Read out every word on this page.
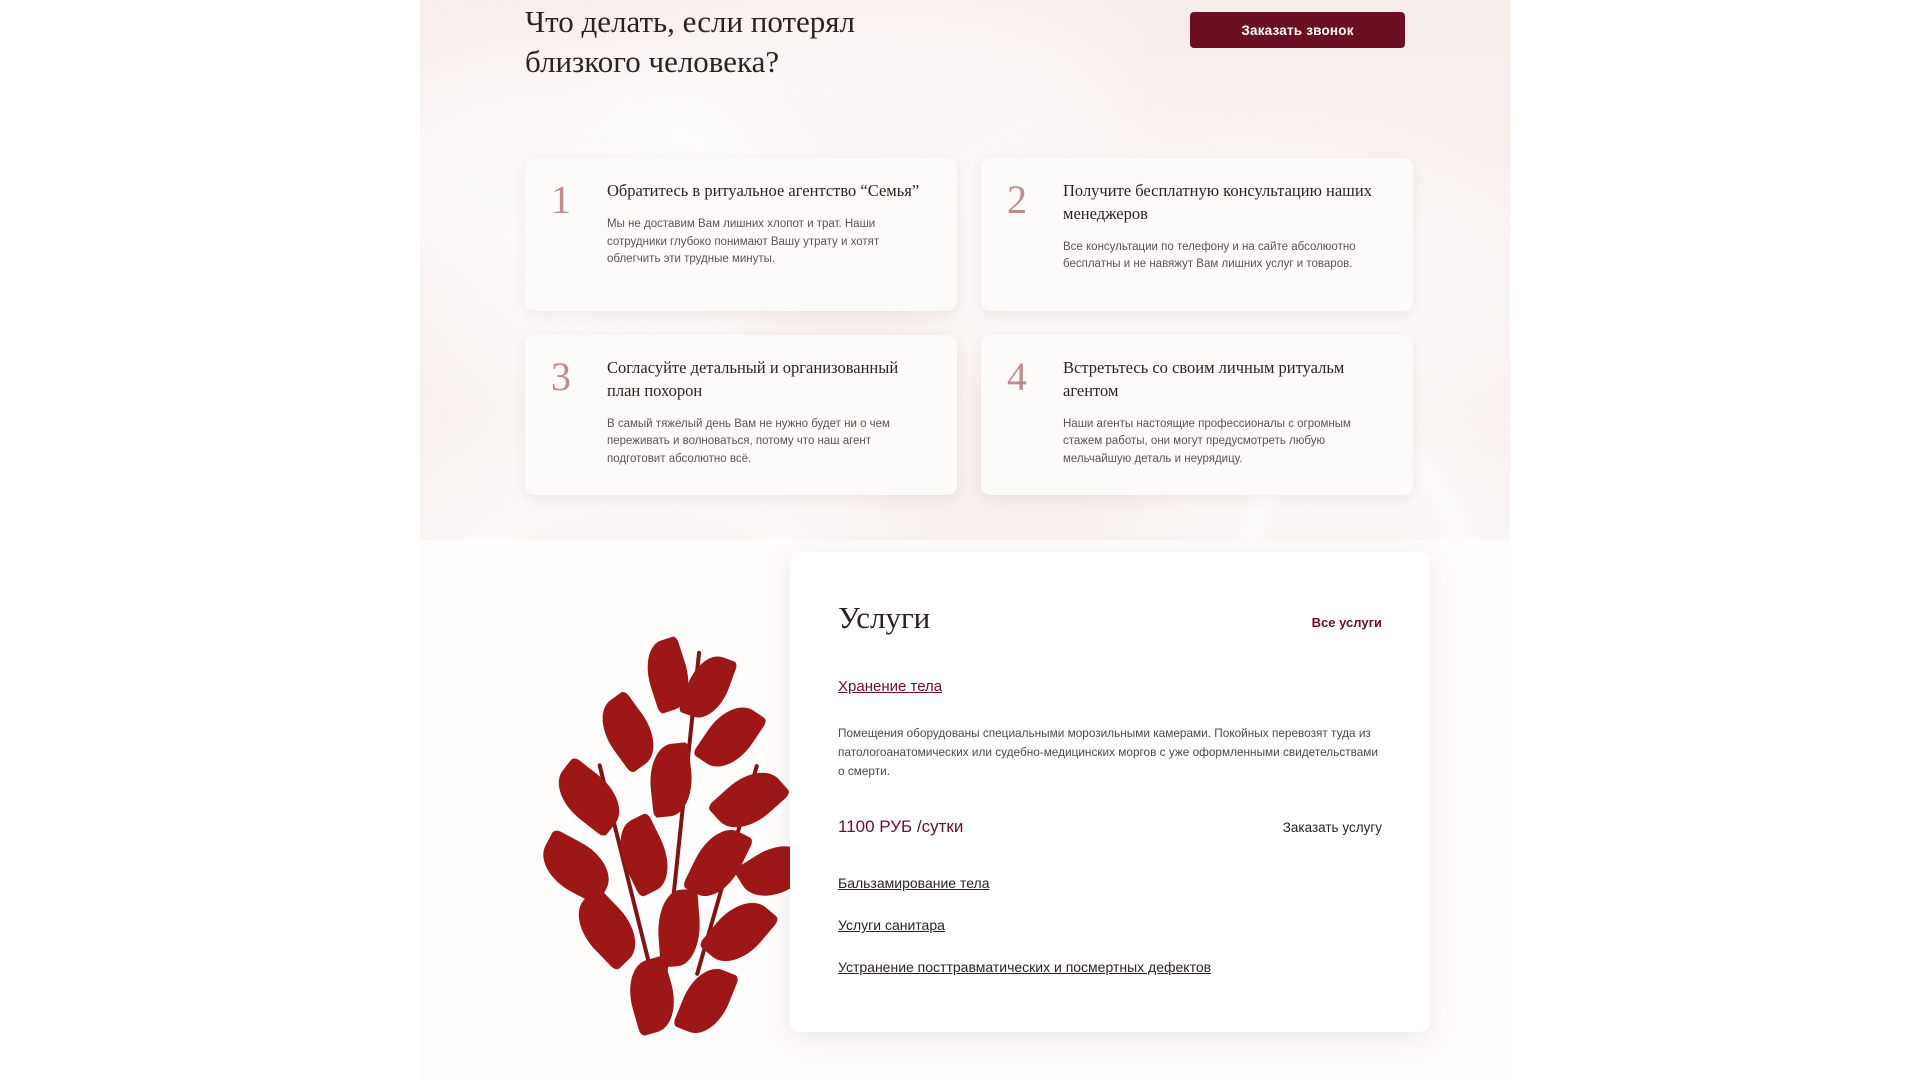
Что делать, если потерял близкого человека?
Заказать звонок
1	Обратитесь в ритуальное агентство “Семья”

Мы не доставим Вам лишних хлопот и трат. Наши сотрудники глубоко понимают Вашу утрату и хотят облегчить эти трудные минуты.

2	Получите бесплатную консультацию наших менеджеров

Все консультации по телефону и на сайте абсолюотно бесплатны и не навяжут Вам лишних услуг и товаров.

3	Согласуйте детальный и организованный план похорон

В самый тяжелый день Вам не нужно будет ни о чем переживать и волноваться, потому что наш агент подготовит абсолютно всё.

4	Встретьтесь со своим личным ритуальм агентом

Наши агенты настоящие профессионалы с огромным стажем работы, они могут предусмотреть любую мельчайшую деталь и неурядицу.

Услуги	Все услуги
Хранение тела

Помещения оборудованы специальными морозильными камерами. Покойных перевозят туда из патологоанатомических или судебно-медицинских моргов с уже оформленными свидетельствами о смерти.

1100 РУБ /сутки	Заказать услугу
Бальзамирование тела
Услуги санитара
Устранение посттравматических и посмертных дефектов
